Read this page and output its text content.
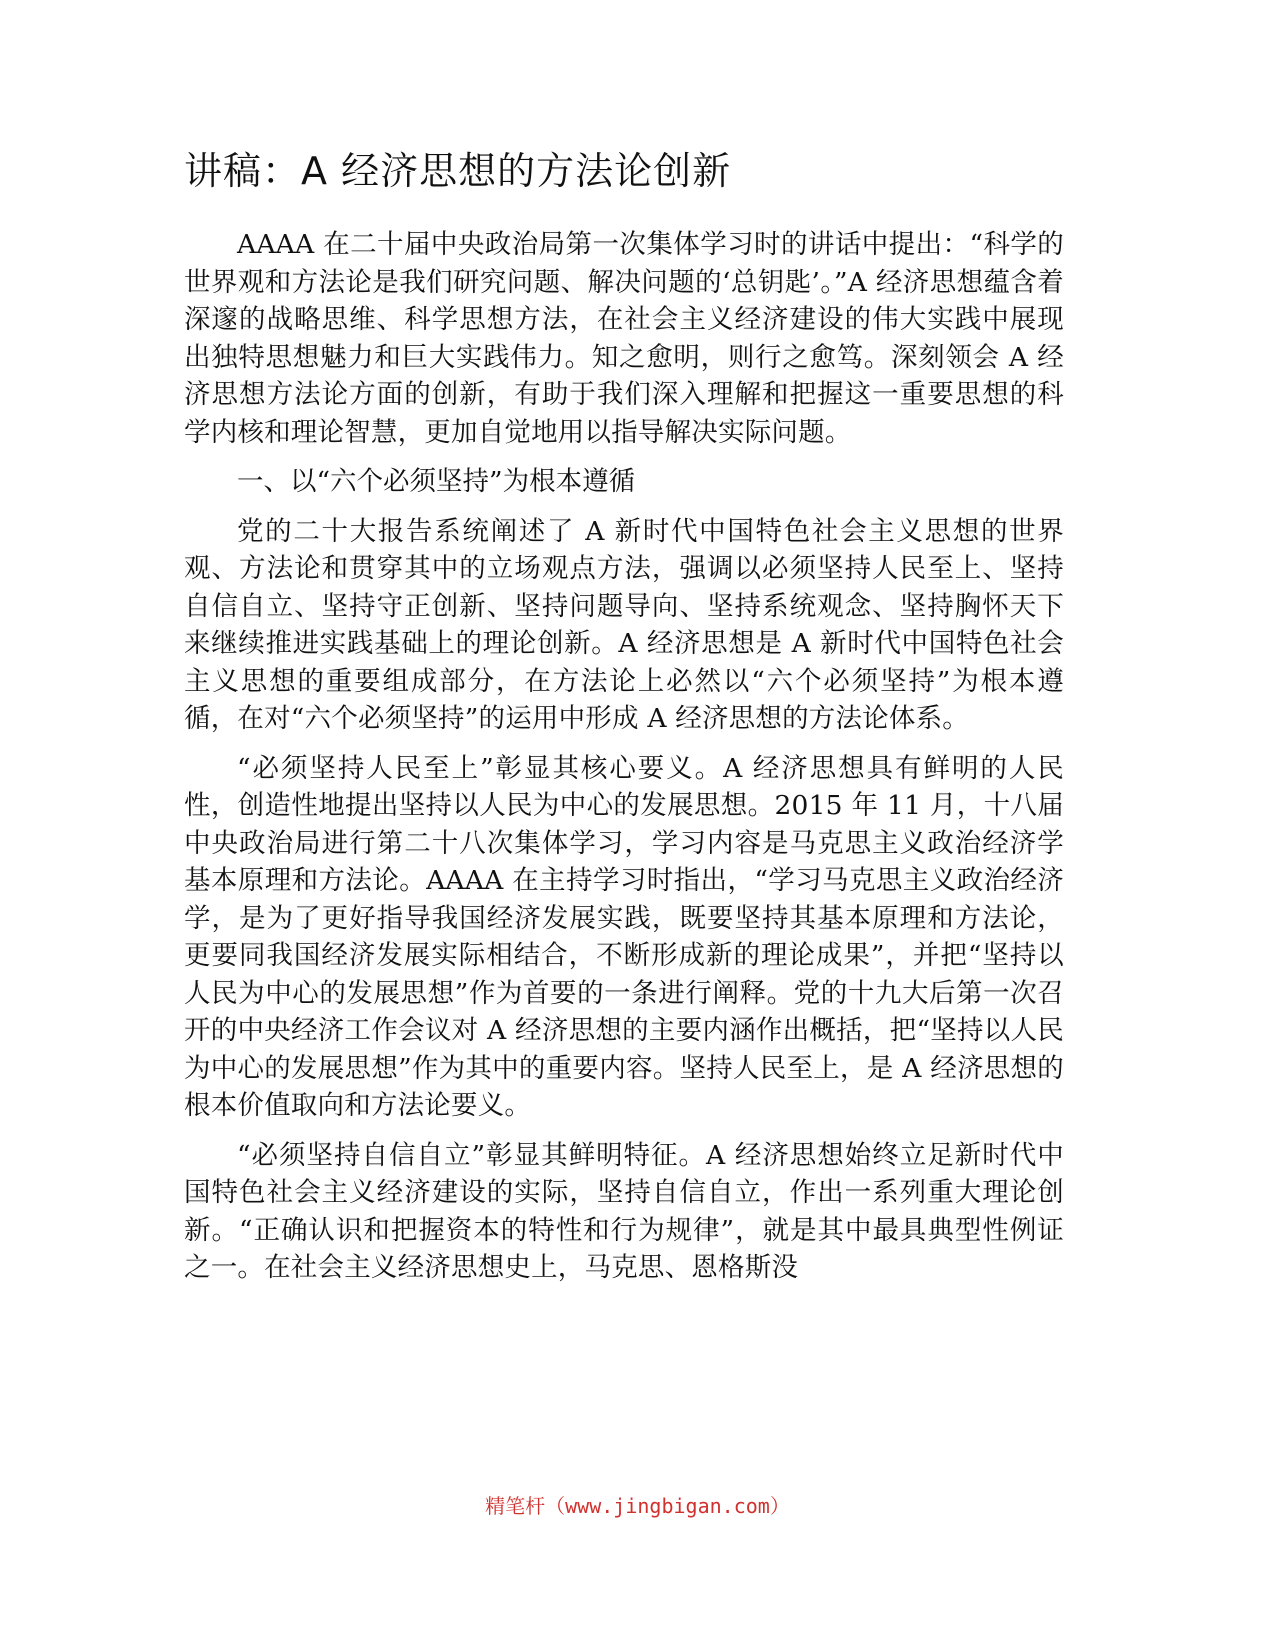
讲稿：A 经济思想的方法论创新

AAAA 在二十届中央政治局第一次集体学习时的讲话中提出：“科学的世界观和方法论是我们研究问题、解决问题的‘总钥匙’。”A 经济思想蕴含着深邃的战略思维、科学思想方法，在社会主义经济建设的伟大实践中展现出独特思想魅力和巨大实践伟力。知之愈明，则行之愈笃。深刻领会 A 经济思想方法论方面的创新，有助于我们深入理解和把握这一重要思想的科学内核和理论智慧，更加自觉地用以指导解决实际问题。

一、以“六个必须坚持”为根本遵循

党的二十大报告系统阐述了 A 新时代中国特色社会主义思想的世界观、方法论和贯穿其中的立场观点方法，强调以必须坚持人民至上、坚持自信自立、坚持守正创新、坚持问题导向、坚持系统观念、坚持胸怀天下来继续推进实践基础上的理论创新。A 经济思想是 A 新时代中国特色社会主义思想的重要组成部分，在方法论上必然以“六个必须坚持”为根本遵循，在对“六个必须坚持”的运用中形成 A 经济思想的方法论体系。

“必须坚持人民至上”彰显其核心要义。A 经济思想具有鲜明的人民性，创造性地提出坚持以人民为中心的发展思想。2015 年 11 月，十八届中央政治局进行第二十八次集体学习，学习内容是马克思主义政治经济学基本原理和方法论。AAAA 在主持学习时指出，“学习马克思主义政治经济学，是为了更好指导我国经济发展实践，既要坚持其基本原理和方法论，更要同我国经济发展实际相结合，不断形成新的理论成果”，并把“坚持以人民为中心的发展思想”作为首要的一条进行阐释。党的十九大后第一次召开的中央经济工作会议对 A 经济思想的主要内涵作出概括，把“坚持以人民为中心的发展思想”作为其中的重要内容。坚持人民至上，是 A 经济思想的根本价值取向和方法论要义。

“必须坚持自信自立”彰显其鲜明特征。A 经济思想始终立足新时代中国特色社会主义经济建设的实际，坚持自信自立，作出一系列重大理论创新。“正确认识和把握资本的特性和行为规律”，就是其中最具典型性例证之一。在社会主义经济思想史上，马克思、恩格斯没

精笔杆（www.jingbigan.com）
